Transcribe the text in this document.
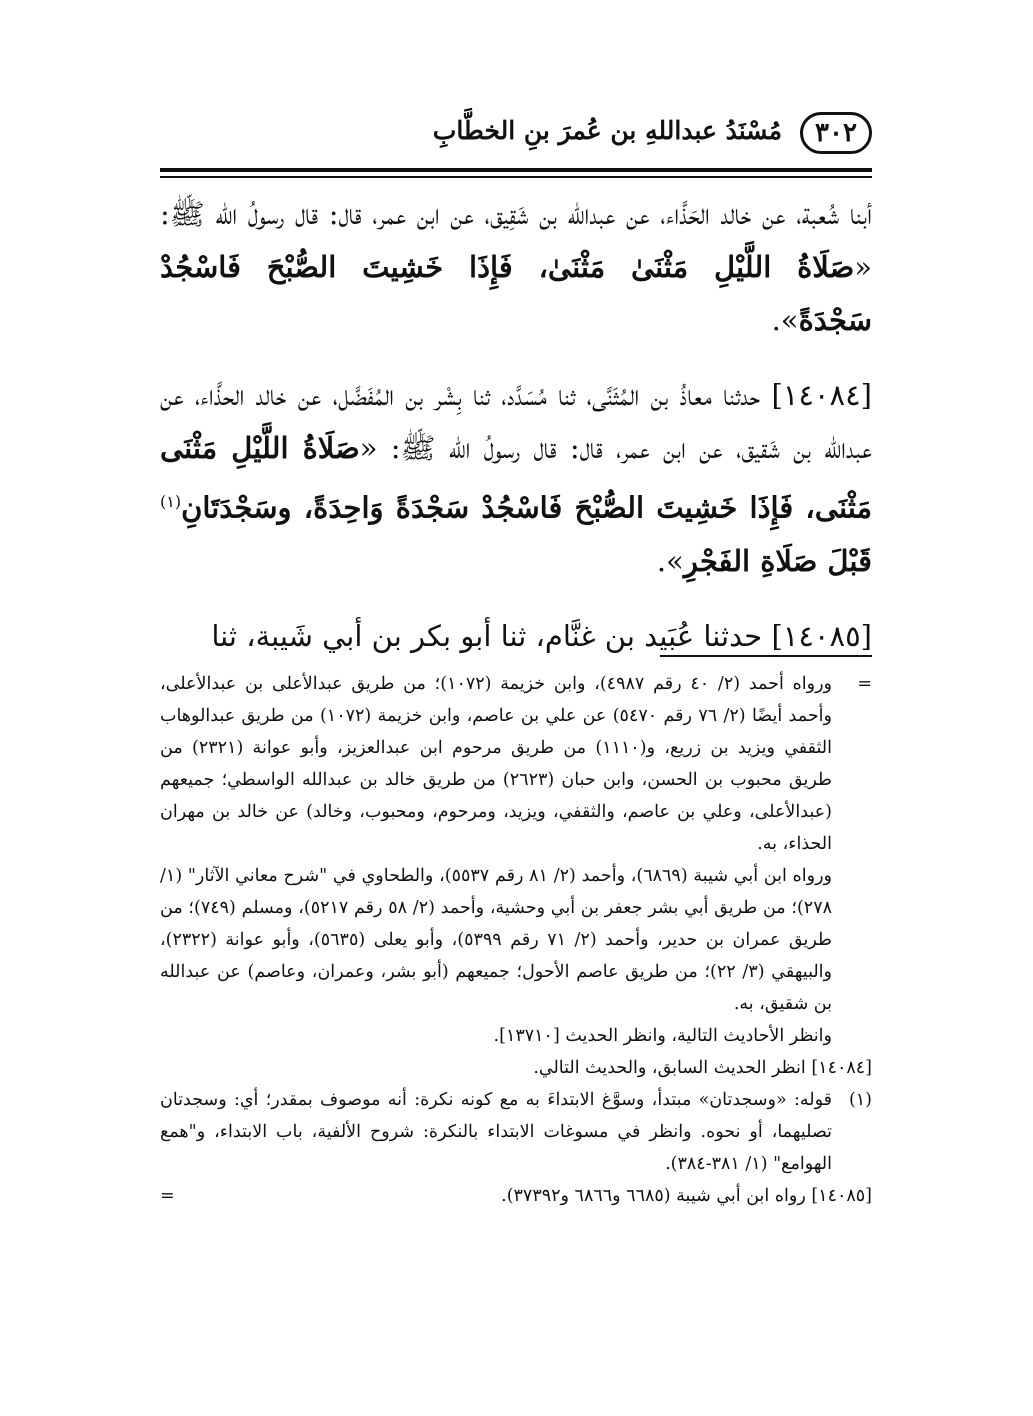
٣٠٢
مُسْنَدُ عبداللهِ بن عُمرَ بنِ الخطَّابِ

أبنا شُعبة، عن خالد الحَذَّاء، عن عبدالله بن شَقِيق، عن ابن عمر، قال: قال رسولُ الله ﷺ: «صَلَاةُ اللَّيْلِ مَثْنَىٰ مَثْنَىٰ، فَإِذَا خَشِيتَ الصُّبْحَ فَاسْجُدْ سَجْدَةً».

[١٤٠٨٤] حدثنا معاذُ بن المُثَنَّى، ثنا مُسَدَّد، ثنا بِشْر بن المُفَضَّل، عن خالد الحذَّاء، عن عبدالله بن شَقيق، عن ابن عمر، قال: قال رسولُ الله ﷺ: «صَلَاةُ اللَّيْلِ مَثْنَى مَثْنَى، فَإِذَا خَشِيتَ الصُّبْحَ فَاسْجُدْ سَجْدَةً وَاحِدَةً، وسَجْدَتَانِ$^{(١)}$ قَبْلَ صَلَاةِ الفَجْرِ».

[١٤٠٨٥] حدثنا عُبَيد بن غنَّام، ثنا أبو بكر بن أبي شَيبة، ثنا

=
ورواه أحمد (٢/ ٤٠ رقم ٤٩٨٧)، وابن خزيمة (١٠٧٢)؛ من طريق عبدالأعلى بن عبدالأعلى، وأحمد أيضًا (٢/ ٧٦ رقم ٥٤٧٠) عن علي بن عاصم، وابن خزيمة (١٠٧٢) من طريق عبدالوهاب الثقفي ويزيد بن زريع، و(١١١٠) من طريق مرحوم ابن عبدالعزيز، وأبو عوانة (٢٣٢١) من طريق محبوب بن الحسن، وابن حبان (٢٦٢٣) من طريق خالد بن عبدالله الواسطي؛ جميعهم (عبدالأعلى، وعلي بن عاصم، والثقفي، ويزيد، ومرحوم، ومحبوب، وخالد) عن خالد بن مهران الحذاء، به.
ورواه ابن أبي شيبة (٦٨٦٩)، وأحمد (٢/ ٨١ رقم ٥٥٣٧)، والطحاوي في "شرح معاني الآثار" (١/ ٢٧٨)؛ من طريق أبي بشر جعفر بن أبي وحشية، وأحمد (٢/ ٥٨ رقم ٥٢١٧)، ومسلم (٧٤٩)؛ من طريق عمران بن حدير، وأحمد (٢/ ٧١ رقم ٥٣٩٩)، وأبو يعلى (٥٦٣٥)، وأبو عوانة (٢٣٢٢)، والبيهقي (٣/ ٢٢)؛ من طريق عاصم الأحول؛ جميعهم (أبو بشر، وعمران، وعاصم) عن عبدالله بن شقيق، به.
وانظر الأحاديث التالية، وانظر الحديث [١٣٧١٠].
[١٤٠٨٤] انظر الحديث السابق، والحديث التالي.
(١)
قوله: «وسجدتان» مبتدأ، وسوَّغ الابتداءَ به مع كونه نكرة: أنه موصوف بمقدر؛ أي: وسجدتان تصليهما، أو نحوه. وانظر في مسوغات الابتداء بالنكرة: شروح الألفية، باب الابتداء، و"همع الهوامع" (١/ ٣٨١-٣٨٤).
[١٤٠٨٥] رواه ابن أبي شيبة (٦٦٨٥ و٦٨٦٦ و٣٧٣٩٢).
=
